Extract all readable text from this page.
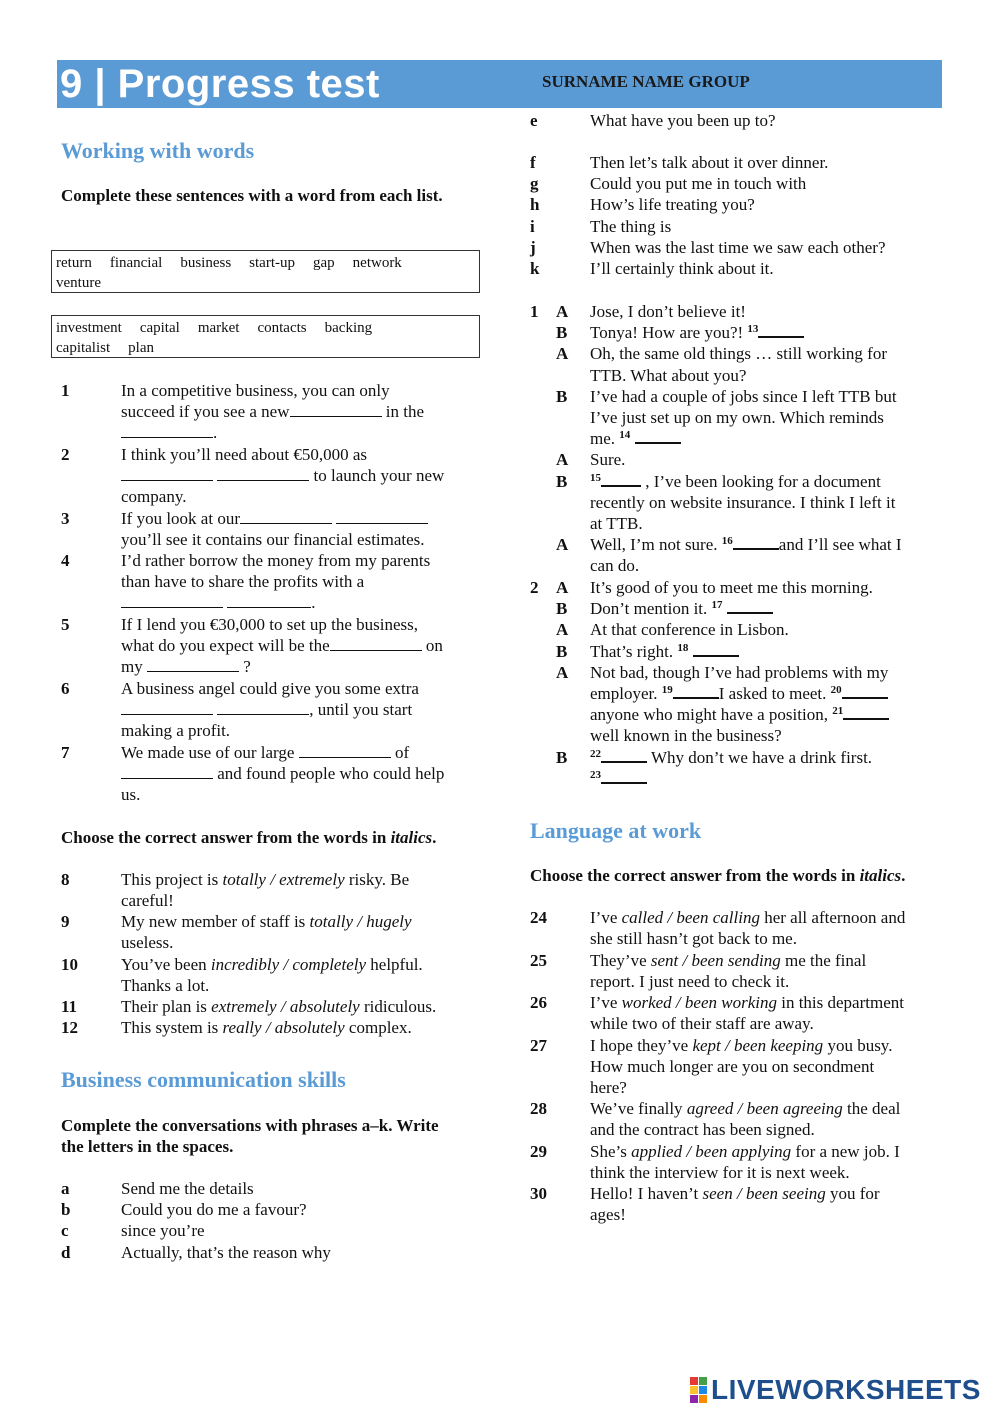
9 | Progress test	SURNAME NAME GROUP
Working with words
Complete these sentences with a word from each list.
return financial business start-up gap network
venture
investment capital market contacts backing
capitalist plan
1	In a competitive business, you can only
succeed if you see a new	in the
.
2	I think you’ll need about €50,000 as
to launch your new
company.
3	If you look at our
you’ll see it contains our financial estimates.
4	I’d rather borrow the money from my parents
than have to share the profits with a
.
5	If I lend you €30,000 to set up the business,
what do you expect will be the	on
my	?
6	A business angel could give you some extra
, until you start
making a profit.
7	We made use of our large	of
and found people who could help
us.
Choose the correct answer from the words in italics.
8	This project is totally / extremely risky. Be
careful!
9	My new member of staff is totally / hugely
useless.
10	You’ve been incredibly / completely helpful.
Thanks a lot.
11	Their plan is extremely / absolutely ridiculous.
12	This system is really / absolutely complex.
Business communication skills
Complete the conversations with phrases a–k. Write the letters in the spaces.
a	Send me the details
b	Could you do me a favour?
c	since you’re
d	Actually, that’s the reason why
e	What have you been up to?
f	Then let’s talk about it over dinner.
g	Could you put me in touch with
h	How’s life treating you?
i	The thing is
j	When was the last time we saw each other?
k	I’ll certainly think about it.
1 A Jose, I don’t believe it!
B Tonya! How are you?! $^{13}$
A Oh, the same old things … still working for
TTB. What about you?
B I’ve had a couple of jobs since I left TTB but
I’ve just set up on my own. Which reminds
me. $^{14}$
A Sure.
B $^{15}$ , I’ve been looking for a document
recently on website insurance. I think I left it
at TTB.
A Well, I’m not sure. $^{16}$	and I’ll see what I
can do.
2 A It’s good of you to meet me this morning.
B Don’t mention it. $^{17}$
A At that conference in Lisbon.
B That’s right. $^{18}$
A Not bad, though I’ve had problems with my
employer. $^{19}$	I asked to meet. $^{20}$
anyone who might have a position, $^{21}$
well known in the business?
B $^{22}$	Why don’t we have a drink first.
$^{23}$
Language at work
Choose the correct answer from the words in italics.
24	I’ve called / been calling her all afternoon and
she still hasn’t got back to me.
25	They’ve sent / been sending me the final
report. I just need to check it.
26	I’ve worked / been working in this department
while two of their staff are away.
27	I hope they’ve kept / been keeping you busy.
How much longer are you on secondment
here?
28	We’ve finally agreed / been agreeing the deal
and the contract has been signed.
29	She’s applied / been applying for a new job. I
think the interview for it is next week.
30	Hello! I haven’t seen / been seeing you for
ages!
LIVEWORKSHEETS
